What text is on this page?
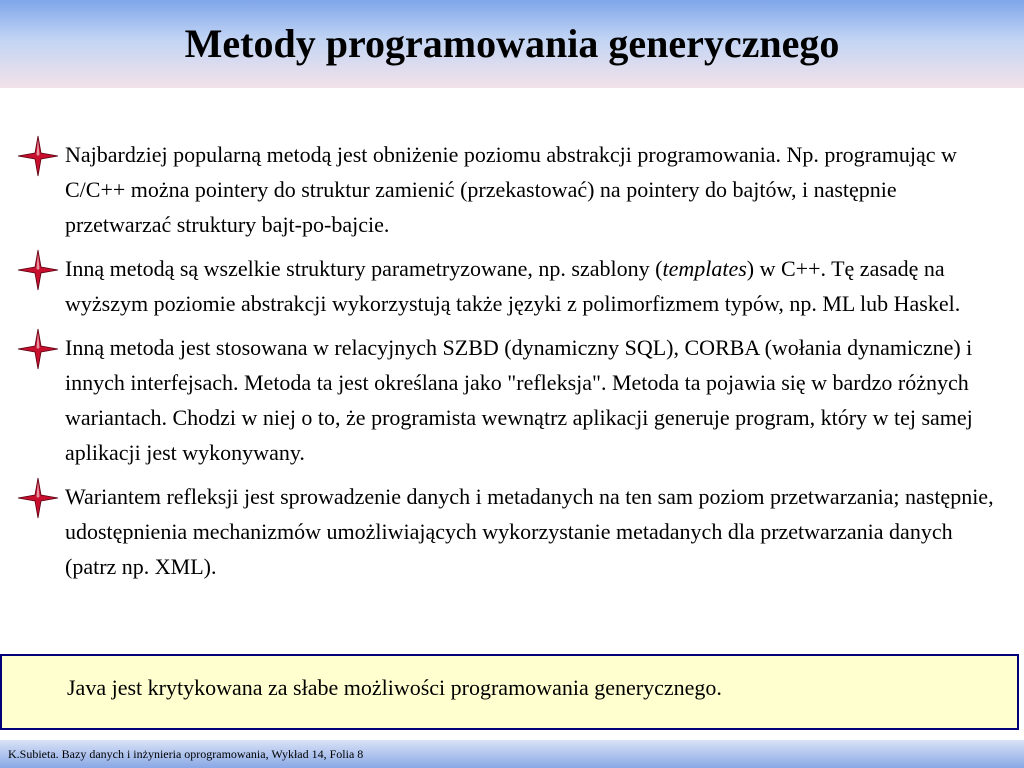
Metody programowania generycznego
Najbardziej popularną metodą jest obniżenie poziomu abstrakcji programowania. Np. programując w C/C++ można pointery do struktur zamienić (przekastować) na pointery do bajtów, i następnie przetwarzać struktury bajt-po-bajcie.
Inną metodą są wszelkie struktury parametryzowane, np. szablony (templates) w C++. Tę zasadę na wyższym poziomie abstrakcji wykorzystują także języki z polimorfizmem typów, np. ML lub Haskel.
Inną metoda jest stosowana w relacyjnych SZBD (dynamiczny SQL), CORBA (wołania dynamiczne) i innych interfejsach. Metoda ta jest określana jako "refleksja". Metoda ta pojawia się w bardzo różnych wariantach. Chodzi w niej o to, że programista wewnątrz aplikacji generuje program, który w tej samej aplikacji jest wykonywany.
Wariantem refleksji jest sprowadzenie danych i metadanych na ten sam poziom przetwarzania; następnie, udostępnienia mechanizmów umożliwiających wykorzystanie metadanych dla przetwarzania danych (patrz np. XML).
Java jest krytykowana za słabe możliwości programowania generycznego.
K.Subieta. Bazy danych i inżynieria oprogramowania, Wykład 14, Folia 8
